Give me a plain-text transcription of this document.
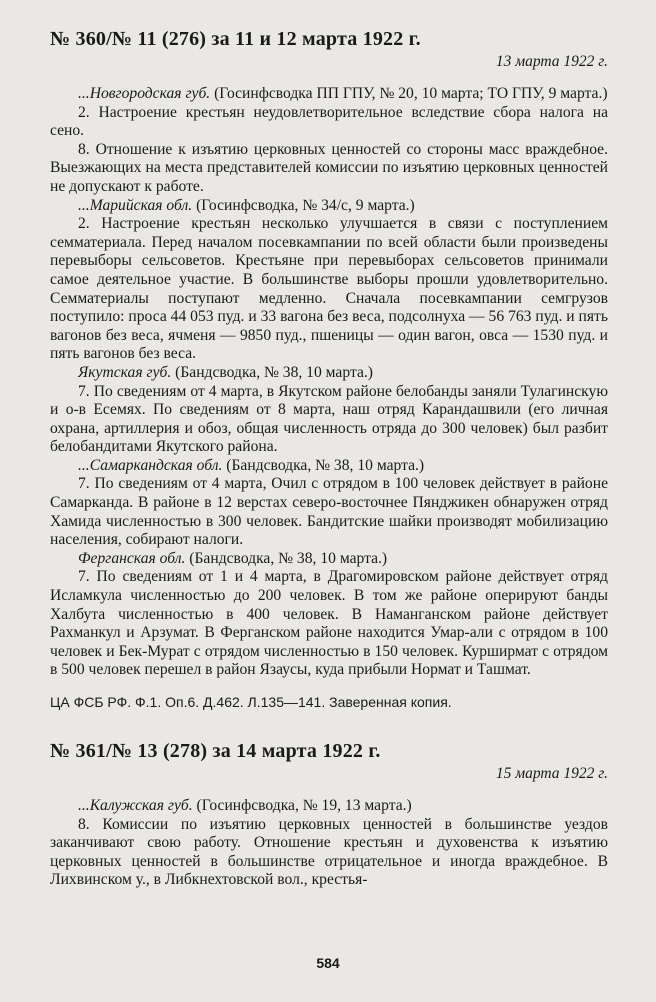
№ 360/№ 11 (276) за 11 и 12 марта 1922 г.
13 марта 1922 г.

...Новгородская губ. (Госинфсводка ПП ГПУ, № 20, 10 марта; ТО ГПУ, 9 марта.)

2. Настроение крестьян неудовлетворительное вследствие сбора налога на сено.

8. Отношение к изъятию церковных ценностей со стороны масс враждебное. Выезжающих на места представителей комиссии по изъятию церковных ценностей не допускают к работе.

...Марийская обл. (Госинфсводка, № 34/с, 9 марта.)

2. Настроение крестьян несколько улучшается в связи с поступлением семматериала. Перед началом посевкампании по всей области были произведены перевыборы сельсоветов. Крестьяне при перевыборах сельсоветов принимали самое деятельное участие. В большинстве выборы прошли удовлетворительно. Семматериалы поступают медленно. Сначала посевкампании семгрузов поступило: проса 44 053 пуд. и 33 вагона без веса, подсолнуха — 56 763 пуд. и пять вагонов без веса, ячменя — 9850 пуд., пшеницы — один вагон, овса — 1530 пуд. и пять вагонов без веса.

Якутская губ. (Бандсводка, № 38, 10 марта.)

7. По сведениям от 4 марта, в Якутском районе белобанды заняли Тулагинскую и о-в Есемях. По сведениям от 8 марта, наш отряд Карандашвили (его личная охрана, артиллерия и обоз, общая численность отряда до 300 человек) был разбит белобандитами Якутского района.

...Самаркандская обл. (Бандсводка, № 38, 10 марта.)

7. По сведениям от 4 марта, Очил с отрядом в 100 человек действует в районе Самарканда. В районе в 12 верстах северо-восточнее Пянджикен обнаружен отряд Хамида численностью в 300 человек. Бандитские шайки производят мобилизацию населения, собирают налоги.

Ферганская обл. (Бандсводка, № 38, 10 марта.)

7. По сведениям от 1 и 4 марта, в Драгомировском районе действует отряд Исламкула численностью до 200 человек. В том же районе оперируют банды Халбута численностью в 400 человек. В Наманганском районе действует Рахманкул и Арзумат. В Ферганском районе находится Умар-али с отрядом в 100 человек и Бек-Мурат с отрядом численностью в 150 человек. Курширмат с отрядом в 500 человек перешел в район Язаусы, куда прибыли Нормат и Ташмат.

ЦА ФСБ РФ. Ф.1. Оп.6. Д.462. Л.135—141. Заверенная копия.
№ 361/№ 13 (278) за 14 марта 1922 г.
15 марта 1922 г.

...Калужская губ. (Госинфсводка, № 19, 13 марта.)

8. Комиссии по изъятию церковных ценностей в большинстве уездов заканчивают свою работу. Отношение крестьян и духовенства к изъятию церковных ценностей в большинстве отрицательное и иногда враждебное. В Лихвинском у., в Либкнехтовской вол., крестья-

584
